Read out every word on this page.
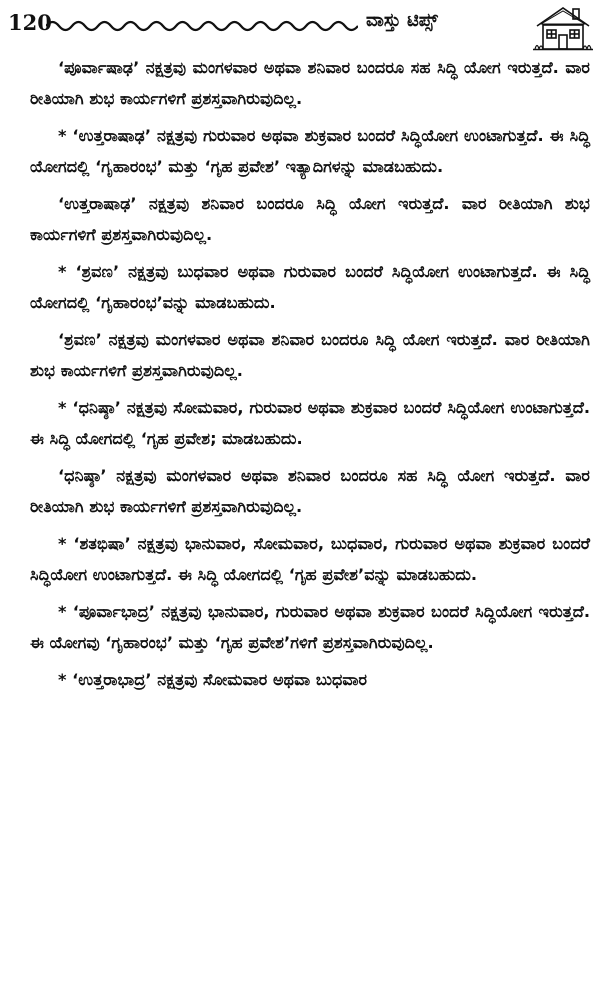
120	ವಾಸ್ತು ಟಿಪ್ಸ್

‘ಪೂರ್ವಾಷಾಢ’ ನಕ್ಷತ್ರವು ಮಂಗಳವಾರ ಅಥವಾ ಶನಿವಾರ ಬಂದರೂ ಸಹ ಸಿದ್ಧಿ ಯೋಗ ಇರುತ್ತದೆ. ವಾರ ರೀತಿಯಾಗಿ ಶುಭ ಕಾರ್ಯಗಳಿಗೆ ಪ್ರಶಸ್ತವಾಗಿರುವುದಿಲ್ಲ.

* ‘ಉತ್ತರಾಷಾಢ’ ನಕ್ಷತ್ರವು ಗುರುವಾರ ಅಥವಾ ಶುಕ್ರವಾರ ಬಂದರೆ ಸಿದ್ಧಿಯೋಗ ಉಂಟಾಗುತ್ತದೆ. ಈ ಸಿದ್ಧಿ ಯೋಗದಲ್ಲಿ ‘ಗೃಹಾರಂಭ’ ಮತ್ತು ‘ಗೃಹ ಪ್ರವೇಶ’ ಇತ್ಯಾದಿಗಳನ್ನು ಮಾಡಬಹುದು.

‘ಉತ್ತರಾಷಾಢ’ ನಕ್ಷತ್ರವು ಶನಿವಾರ ಬಂದರೂ ಸಿದ್ಧಿ ಯೋಗ ಇರುತ್ತದೆ. ವಾರ ರೀತಿಯಾಗಿ ಶುಭ ಕಾರ್ಯಗಳಿಗೆ ಪ್ರಶಸ್ತವಾಗಿರುವುದಿಲ್ಲ.

* ‘ಶ್ರವಣ’ ನಕ್ಷತ್ರವು ಬುಧವಾರ ಅಥವಾ ಗುರುವಾರ ಬಂದರೆ ಸಿದ್ಧಿಯೋಗ ಉಂಟಾಗುತ್ತದೆ. ಈ ಸಿದ್ಧಿ ಯೋಗದಲ್ಲಿ ‘ಗೃಹಾರಂಭ’ವನ್ನು ಮಾಡಬಹುದು.

‘ಶ್ರವಣ’ ನಕ್ಷತ್ರವು ಮಂಗಳವಾರ ಅಥವಾ ಶನಿವಾರ ಬಂದರೂ ಸಿದ್ಧಿ ಯೋಗ ಇರುತ್ತದೆ. ವಾರ ರೀತಿಯಾಗಿ ಶುಭ ಕಾರ್ಯಗಳಿಗೆ ಪ್ರಶಸ್ತವಾಗಿರುವುದಿಲ್ಲ.

* ‘ಧನಿಷ್ಠಾ’ ನಕ್ಷತ್ರವು ಸೋಮವಾರ, ಗುರುವಾರ ಅಥವಾ ಶುಕ್ರವಾರ ಬಂದರೆ ಸಿದ್ಧಿಯೋಗ ಉಂಟಾಗುತ್ತದೆ. ಈ ಸಿದ್ಧಿ ಯೋಗದಲ್ಲಿ ‘ಗೃಹ ಪ್ರವೇಶ; ಮಾಡಬಹುದು.

‘ಧನಿಷ್ಠಾ’ ನಕ್ಷತ್ರವು ಮಂಗಳವಾರ ಅಥವಾ ಶನಿವಾರ ಬಂದರೂ ಸಹ ಸಿದ್ಧಿ ಯೋಗ ಇರುತ್ತದೆ. ವಾರ ರೀತಿಯಾಗಿ ಶುಭ ಕಾರ್ಯಗಳಿಗೆ ಪ್ರಶಸ್ತವಾಗಿರುವುದಿಲ್ಲ.

* ‘ಶತಭಿಷಾ’ ನಕ್ಷತ್ರವು ಭಾನುವಾರ, ಸೋಮವಾರ, ಬುಧವಾರ, ಗುರುವಾರ ಅಥವಾ ಶುಕ್ರವಾರ ಬಂದರೆ ಸಿದ್ಧಿಯೋಗ ಉಂಟಾಗುತ್ತದೆ. ಈ ಸಿದ್ಧಿ ಯೋಗದಲ್ಲಿ ‘ಗೃಹ ಪ್ರವೇಶ’ವನ್ನು ಮಾಡಬಹುದು.

* ‘ಪೂರ್ವಾಭಾದ್ರ’ ನಕ್ಷತ್ರವು ಭಾನುವಾರ, ಗುರುವಾರ ಅಥವಾ ಶುಕ್ರವಾರ ಬಂದರೆ ಸಿದ್ಧಿಯೋಗ ಇರುತ್ತದೆ. ಈ ಯೋಗವು ‘ಗೃಹಾರಂಭ’ ಮತ್ತು ‘ಗೃಹ ಪ್ರವೇಶ’ಗಳಿಗೆ ಪ್ರಶಸ್ತವಾಗಿರುವುದಿಲ್ಲ.

* ‘ಉತ್ತರಾಭಾದ್ರ’ ನಕ್ಷತ್ರವು ಸೋಮವಾರ ಅಥವಾ ಬುಧವಾರ
